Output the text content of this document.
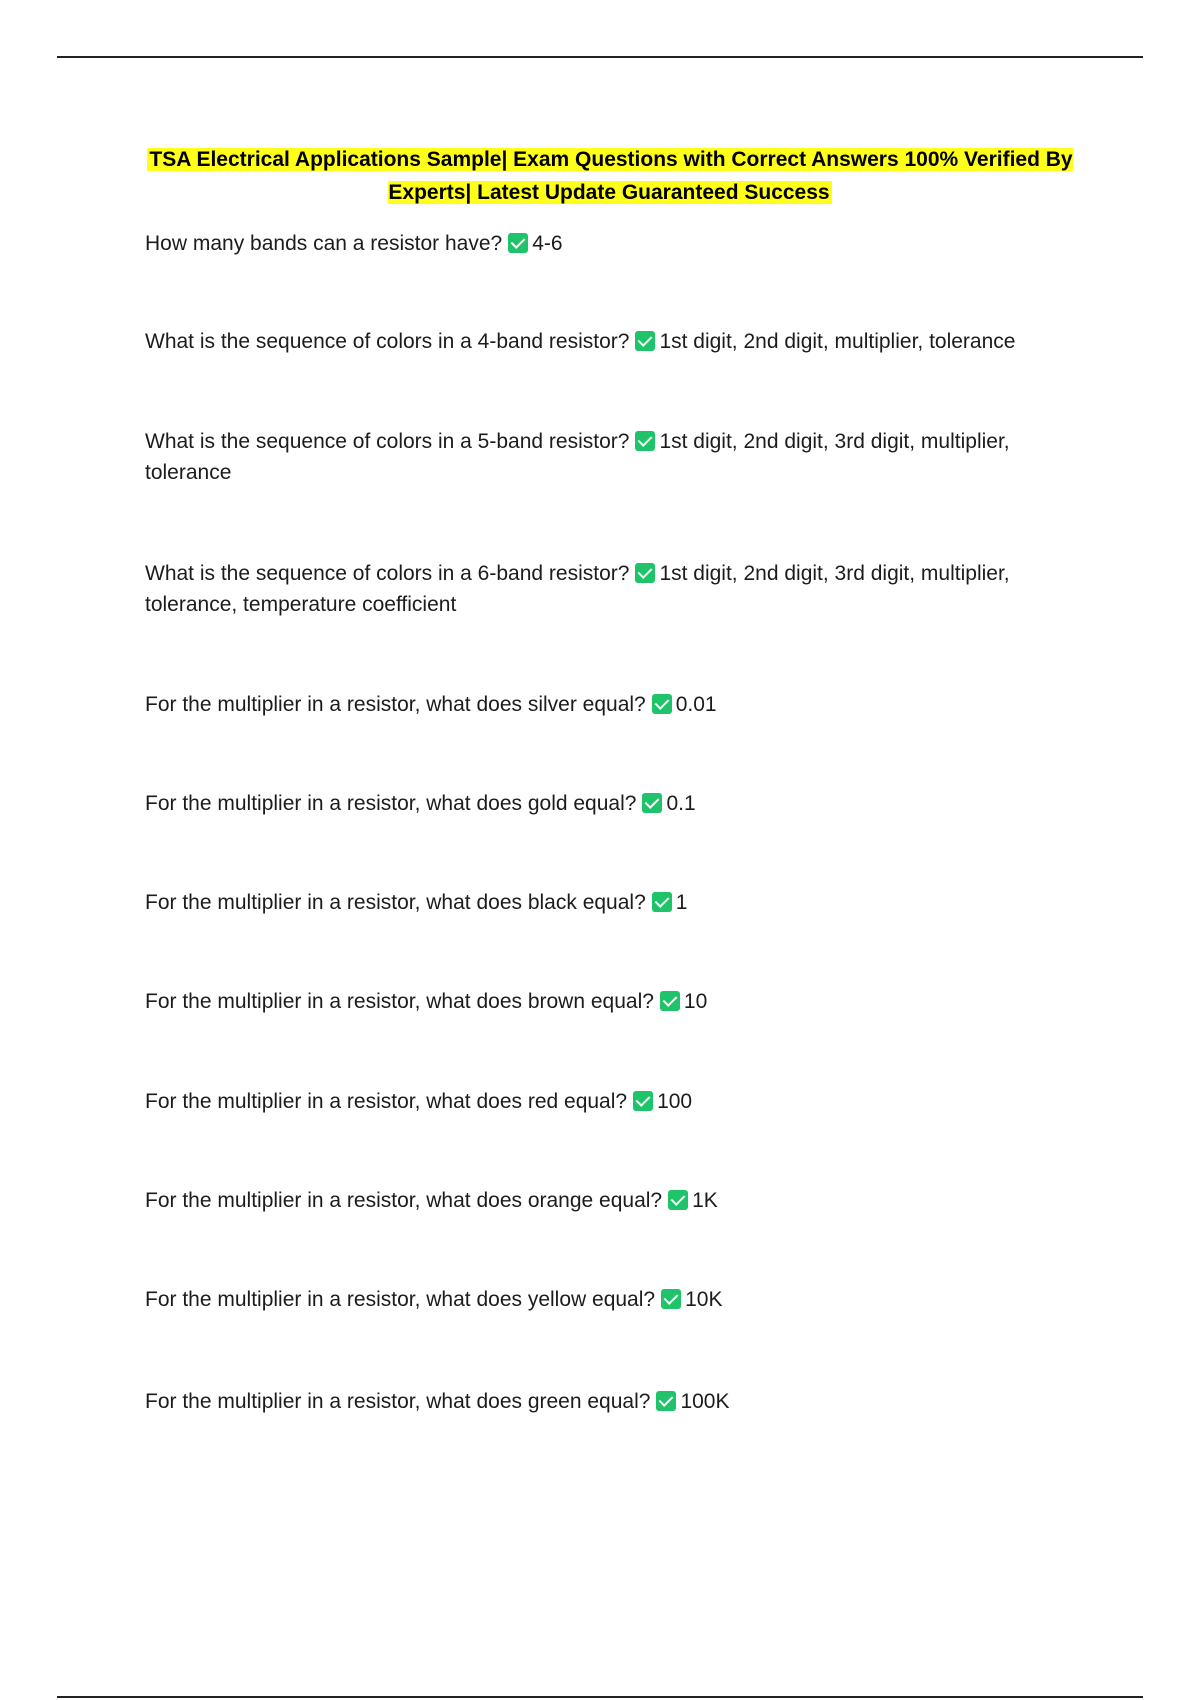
TSA Electrical Applications Sample| Exam Questions with Correct Answers 100% Verified By Experts| Latest Update Guaranteed Success
How many bands can a resistor have? 4-6
What is the sequence of colors in a 4-band resistor? 1st digit, 2nd digit, multiplier, tolerance
What is the sequence of colors in a 5-band resistor? 1st digit, 2nd digit, 3rd digit, multiplier, tolerance
What is the sequence of colors in a 6-band resistor? 1st digit, 2nd digit, 3rd digit, multiplier, tolerance, temperature coefficient
For the multiplier in a resistor, what does silver equal? 0.01
For the multiplier in a resistor, what does gold equal? 0.1
For the multiplier in a resistor, what does black equal? 1
For the multiplier in a resistor, what does brown equal? 10
For the multiplier in a resistor, what does red equal? 100
For the multiplier in a resistor, what does orange equal? 1K
For the multiplier in a resistor, what does yellow equal? 10K
For the multiplier in a resistor, what does green equal? 100K
